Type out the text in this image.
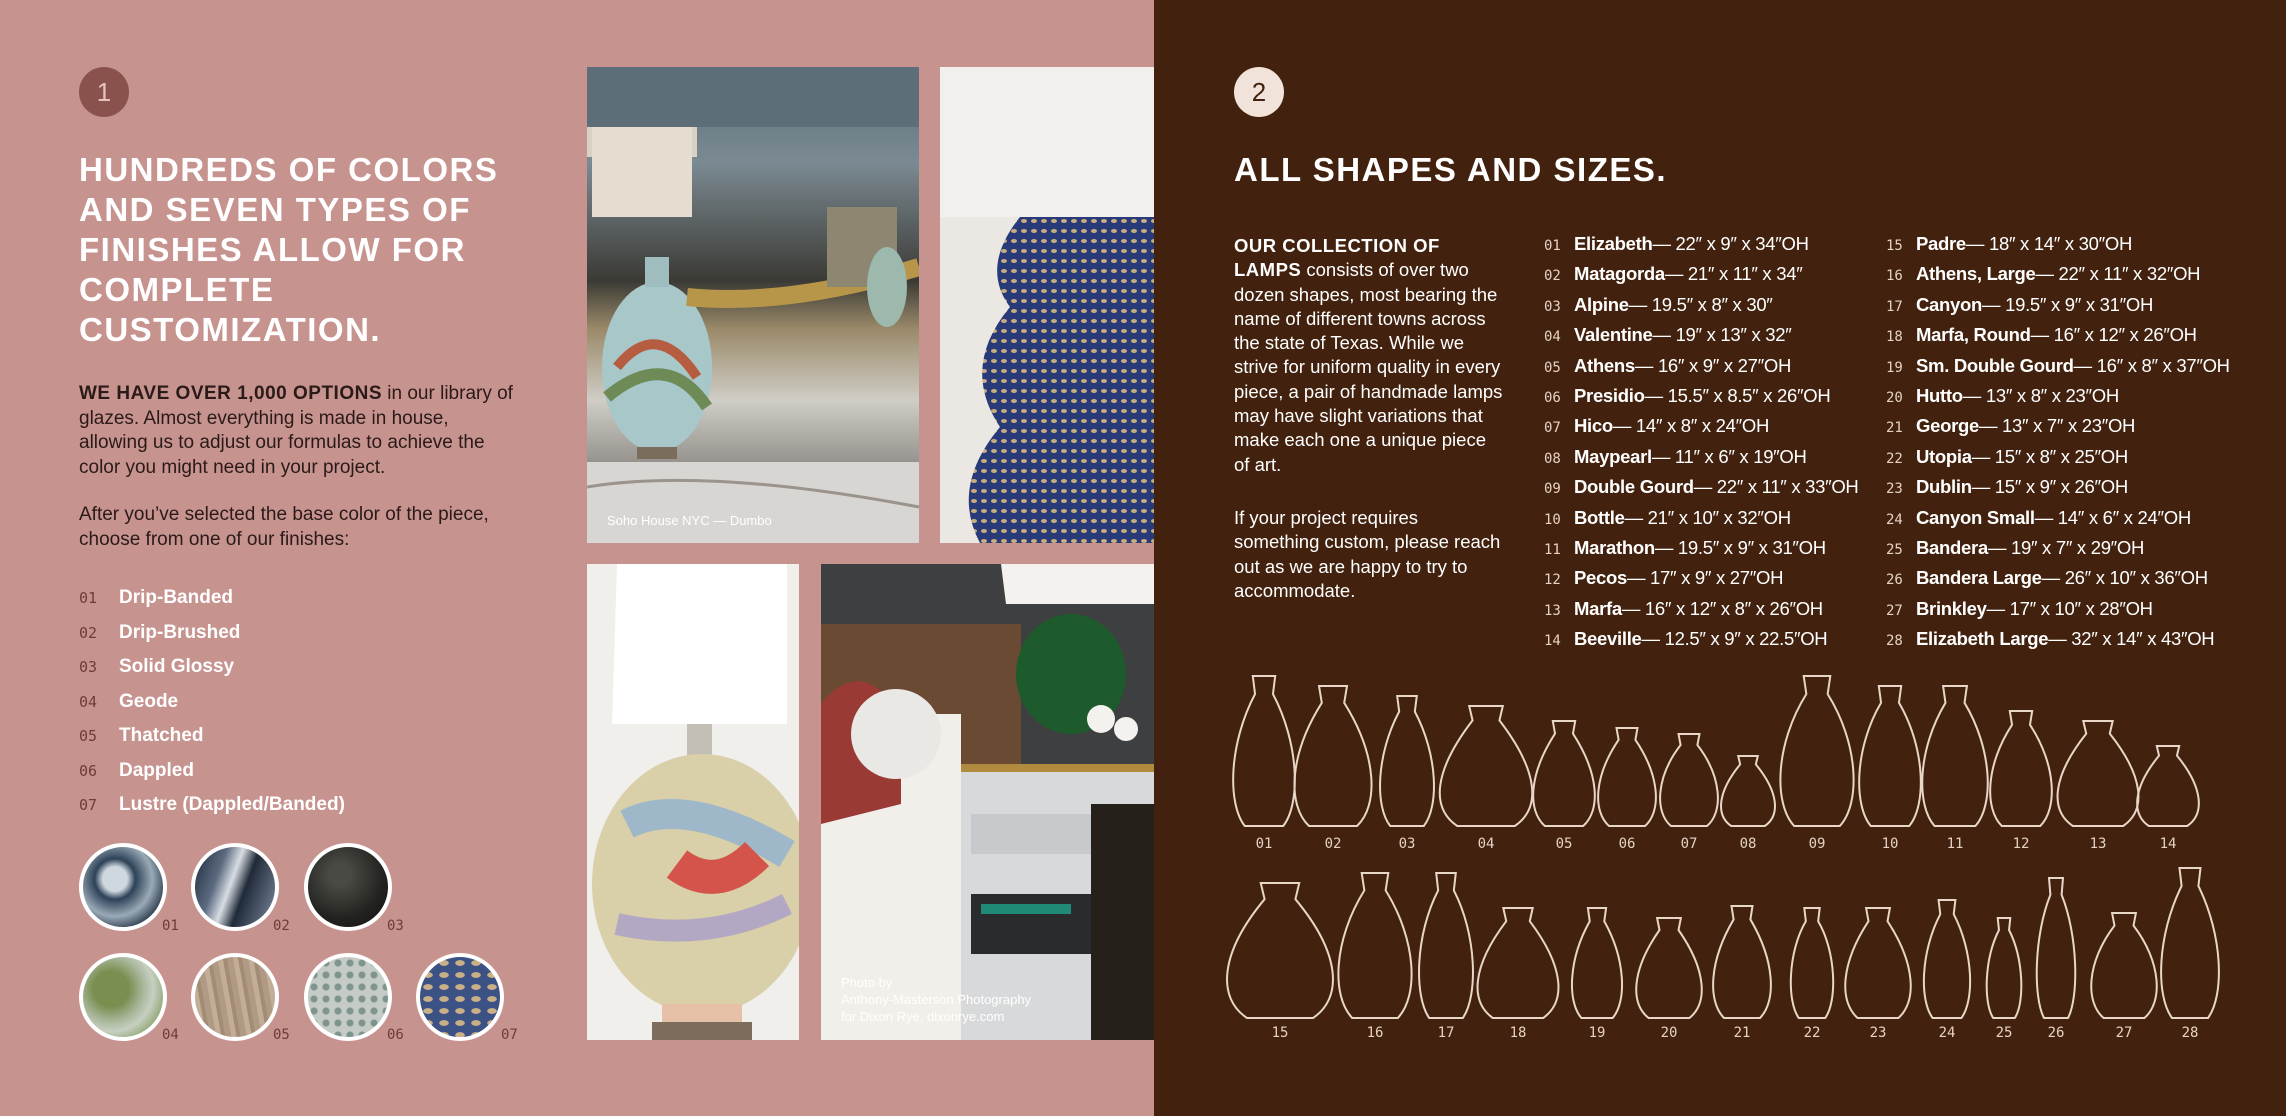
1
HUNDREDS OF COLORS AND SEVEN TYPES OF FINISHES ALLOW FOR COMPLETE CUSTOMIZATION.

WE HAVE OVER 1,000 OPTIONS in our library of glazes. Almost everything is made in house, allowing us to adjust our formulas to achieve the color you might need in your project.

After you’ve selected the base color of the piece, choose from one of our finishes:

01	Drip-Banded
02	Drip-Brushed
03	Solid Glossy
04	Geode
05	Thatched
06	Dappled
07	Lustre (Dappled/Banded)
01	02	03
04	05	06	07
Soho House NYC — Dumbo
Photo by
Anthony-Masterson Photography
for Dixon Rye, dixonrye.com
2
ALL SHAPES AND SIZES.

OUR COLLECTION OF LAMPS consists of over two dozen shapes, most bearing the name of different towns across the state of Texas. While we strive for uniform quality in every piece, a pair of handmade lamps may have slight variations that make each one a unique piece of art.

If your project requires something custom, please reach out as we are happy to try to accommodate.

01 Elizabeth — 22″ x 9″ x 34″OH
02 Matagorda — 21″ x 11″ x 34″
03 Alpine — 19.5″ x 8″ x 30″
04 Valentine — 19″ x 13″ x 32″
05 Athens — 16″ x 9″ x 27″OH
06 Presidio — 15.5″ x 8.5″ x 26″OH
07 Hico — 14″ x 8″ x 24″OH
08 Maypearl — 11″ x 6″ x 19″OH
09 Double Gourd — 22″ x 11″ x 33″OH
10 Bottle — 21″ x 10″ x 32″OH
11 Marathon — 19.5″ x 9″ x 31″OH
12 Pecos — 17″ x 9″ x 27″OH
13 Marfa — 16″ x 12″ x 8″ x 26″OH
14 Beeville — 12.5″ x 9″ x 22.5″OH
15 Padre — 18″ x 14″ x 30″OH
16 Athens, Large — 22″ x 11″ x 32″OH
17 Canyon — 19.5″ x 9″ x 31″OH
18 Marfa, Round — 16″ x 12″ x 26″OH
19 Sm. Double Gourd — 16″ x 8″ x 37″OH
20 Hutto — 13″ x 8″ x 23″OH
21 George — 13″ x 7″ x 23″OH
22 Utopia — 15″ x 8″ x 25″OH
23 Dublin — 15″ x 9″ x 26″OH
24 Canyon Small — 14″ x 6″ x 24″OH
25 Bandera — 19″ x 7″ x 29″OH
26 Bandera Large — 26″ x 10″ x 36″OH
27 Brinkley — 17″ x 10″ x 28″OH
28 Elizabeth Large — 32″ x 14″ x 43″OH
01	02	03	04	05	06	07	08	09	10	11	12	13	14
15	16	17	18	19	20	21	22	23	24	25	26	27	28
